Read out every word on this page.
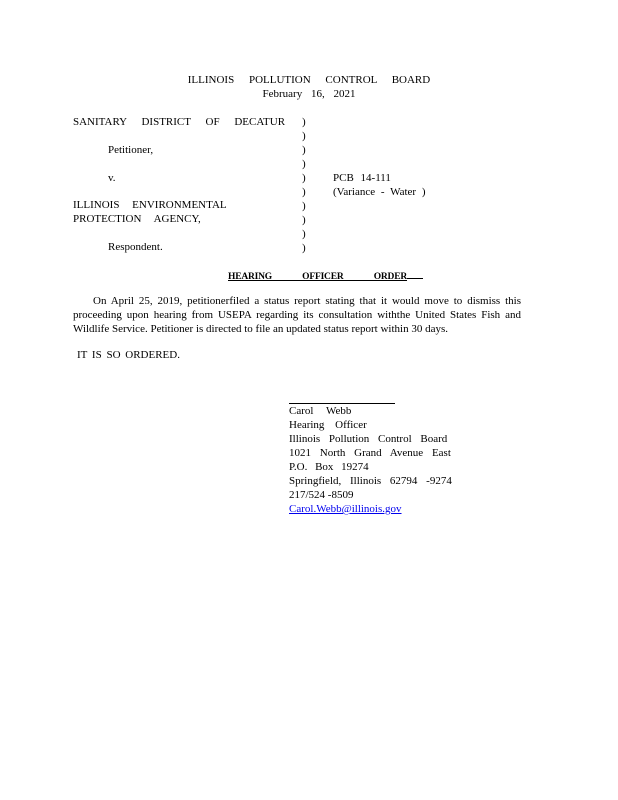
ILLINOIS POLLUTION CONTROL BOARD
February 16, 2021
SANITARY DISTRICT OF DECATUR
Petitioner,
v.
ILLINOIS ENVIRONMENTAL
PROTECTION AGENCY,
Respondent.
)
)
)
)
)
)
)
)
)
)
PCB 14-111
(Variance - Water )
HEARING OFFICER ORDER
On April 25, 2019, petitionerfiled a status report stating that it would move to dismiss this proceeding upon hearing from USEPA regarding its consultation withthe United States Fish and Wildlife Service. Petitioner is directed to file an updated status report within 30 days.
IT IS SO ORDERED.
Carol Webb
Hearing Officer
Illinois Pollution Control Board
1021 North Grand Avenue East
P.O. Box 19274
Springfield, Illinois 62794 -9274
217/524 -8509
Carol.Webb@illinois.gov
